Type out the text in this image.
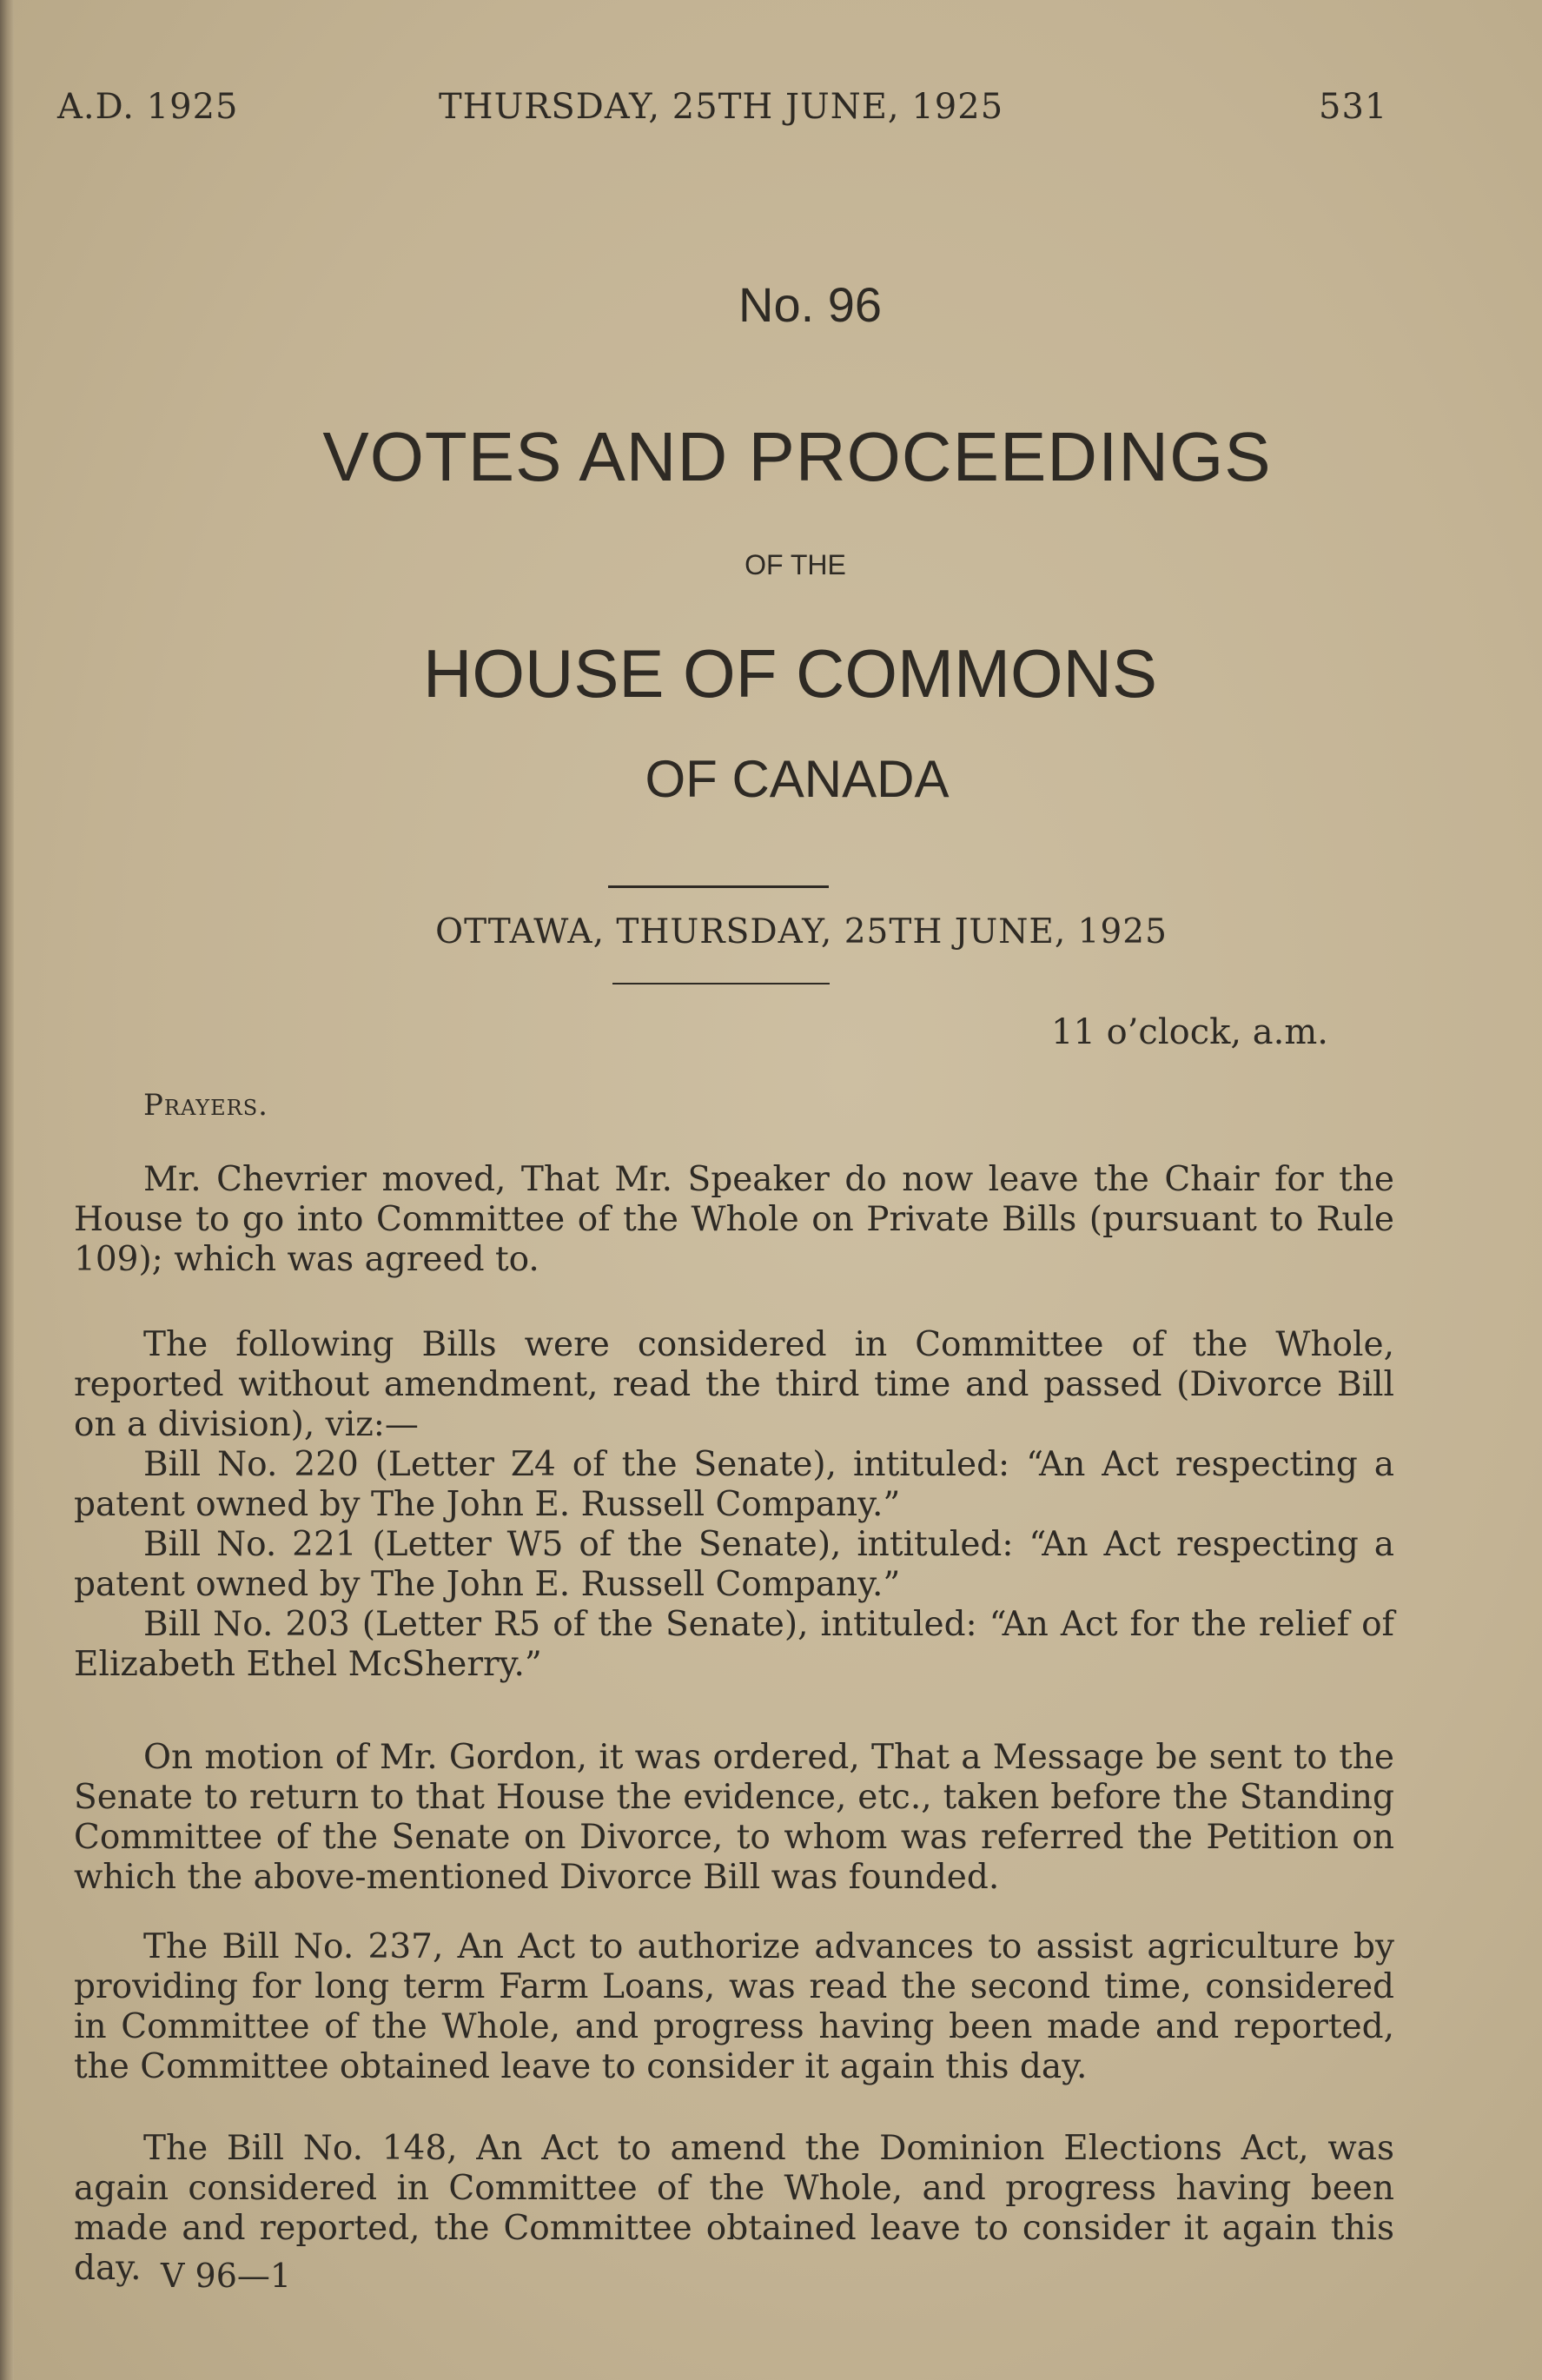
A.D. 1925	THURSDAY, 25TH JUNE, 1925	531
No. 96
VOTES AND PROCEEDINGS
OF THE
HOUSE OF COMMONS
OF CANADA
OTTAWA, THURSDAY, 25TH JUNE, 1925
11 o’clock, a.m.
Prayers.

Mr. Chevrier moved, That Mr. Speaker do now leave the Chair for the House to go into Committee of the Whole on Private Bills (pursuant to Rule 109); which was agreed to.

The following Bills were considered in Committee of the Whole, reported without amendment, read the third time and passed (Divorce Bill on a division), viz:—

Bill No. 220 (Letter Z4 of the Senate), intituled: “An Act respecting a patent owned by The John E. Russell Company.”

Bill No. 221 (Letter W5 of the Senate), intituled: “An Act respecting a patent owned by The John E. Russell Company.”

Bill No. 203 (Letter R5 of the Senate), intituled: “An Act for the relief of Elizabeth Ethel McSherry.”

On motion of Mr. Gordon, it was ordered, That a Message be sent to the Senate to return to that House the evidence, etc., taken before the Standing Committee of the Senate on Divorce, to whom was referred the Petition on which the above-mentioned Divorce Bill was founded.

The Bill No. 237, An Act to authorize advances to assist agriculture by providing for long term Farm Loans, was read the second time, considered in Committee of the Whole, and progress having been made and reported, the Committee obtained leave to consider it again this day.

The Bill No. 148, An Act to amend the Dominion Elections Act, was again considered in Committee of the Whole, and progress having been made and reported, the Committee obtained leave to consider it again this day. V 96—1
